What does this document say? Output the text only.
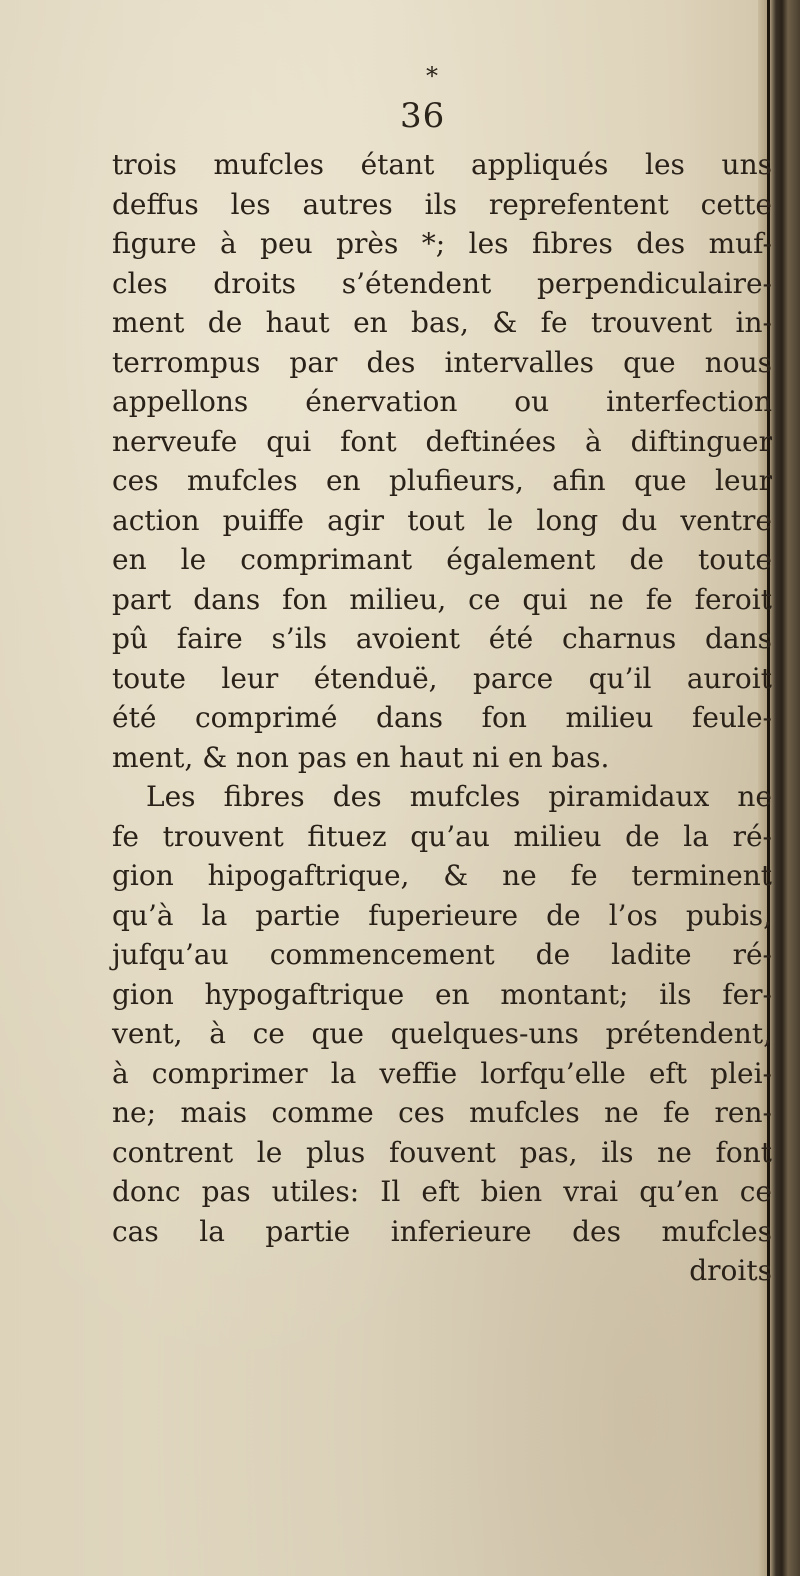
*
36
trois mufcles étant appliqués les uns
deffus les autres ils reprefentent cette
figure à peu près *; les fibres des muf-
cles droits s’étendent perpendiculaire-
ment de haut en bas, & fe trouvent in-
terrompus par des intervalles que nous
appellons énervation ou interfection
nerveufe qui font deftinées à diftinguer
ces mufcles en plufieurs, afin que leur
action puiffe agir tout le long du ventre
en le comprimant également de toute
part dans fon milieu, ce qui ne fe feroit
pû faire s’ils avoient été charnus dans
toute leur étenduë, parce qu’il auroit
été comprimé dans fon milieu feule-
ment, & non pas en haut ni en bas.
Les fibres des mufcles piramidaux ne
fe trouvent fituez qu’au milieu de la ré-
gion hipogaftrique, & ne fe terminent
qu’à la partie fuperieure de l’os pubis,
jufqu’au commencement de ladite ré-
gion hypogaftrique en montant; ils fer-
vent, à ce que quelques-uns prétendent,
à comprimer la veffie lorfqu’elle eft plei-
ne; mais comme ces mufcles ne fe ren-
contrent le plus fouvent pas, ils ne font
donc pas utiles: Il eft bien vrai qu’en ce
cas la partie inferieure des mufcles
droits
